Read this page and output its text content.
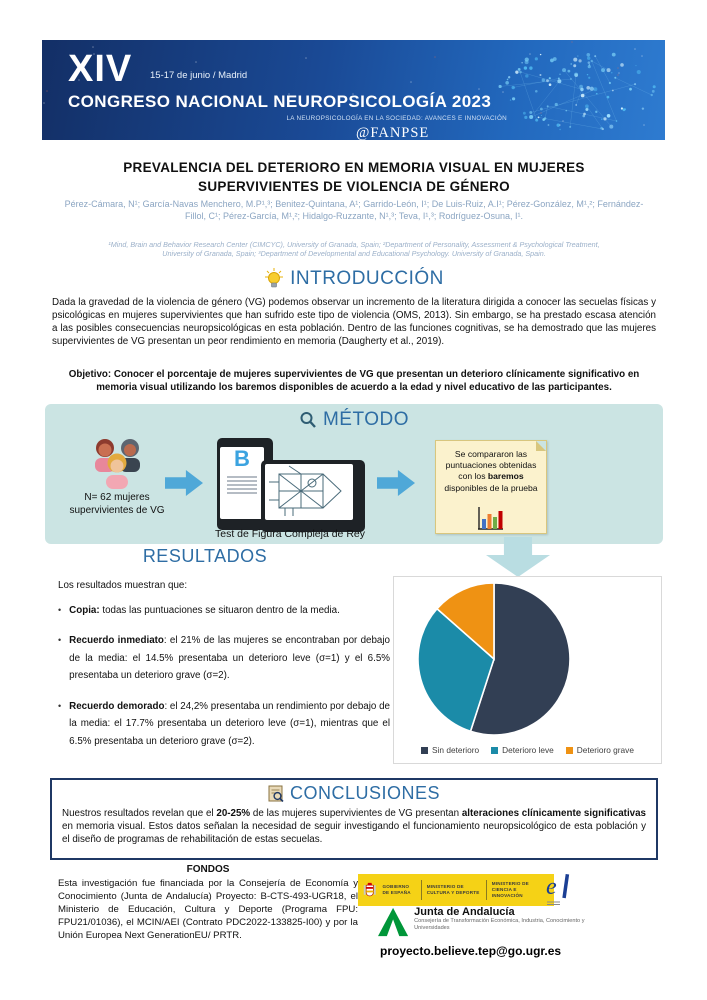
XIV 15-17 de junio / Madrid
CONGRESO NACIONAL NEUROPSICOLOGÍA 2023
LA NEUROPSICOLOGÍA EN LA SOCIEDAD: AVANCES E INNOVACIÓN
@FANPSE
PREVALENCIA DEL DETERIORO EN MEMORIA VISUAL EN MUJERES
SUPERVIVIENTES DE VIOLENCIA DE GÉNERO
Pérez-Cámara, N¹; García-Navas Menchero, M.P¹,³; Benitez-Quintana, A¹; Garrido-León, I¹; De Luis-Ruiz, A.I¹; Pérez-González, M¹,²; Fernández-Fillol, C¹; Pérez-García, M¹,²; Hidalgo-Ruzzante, N¹,³; Teva, I¹,³; Rodríguez-Osuna, I¹.
¹Mind, Brain and Behavior Research Center (CIMCYC), University of Granada, Spain; ²Department of Personality, Assessment & Psychological Treatment, University of Granada, Spain; ³Department of Developmental and Educational Psychology. University of Granada, Spain.
INTRODUCCIÓN
Dada la gravedad de la violencia de género (VG) podemos observar un incremento de la literatura dirigida a conocer las secuelas físicas y psicológicas en mujeres supervivientes que han sufrido este tipo de violencia (OMS, 2013). Sin embargo, se ha prestado escasa atención a las posibles consecuencias neuropsicológicas en esta población. Dentro de las funciones cognitivas, se ha demostrado que las mujeres supervivientes de VG presentan un peor rendimiento en memoria (Daugherty et al., 2019).
Objetivo: Conocer el porcentaje de mujeres supervivientes de VG que presentan un deterioro clínicamente significativo en memoria visual utilizando los baremos disponibles de acuerdo a la edad y nivel educativo de las participantes.
MÉTODO
N= 62 mujeres supervivientes de VG
B
Test de Figura Compleja de Rey
Se compararon las puntuaciones obtenidas con los baremos disponibles de la prueba
RESULTADOS
Los resultados muestran que:
• Copia: todas las puntuaciones se situaron dentro de la media.
• Recuerdo inmediato: el 21% de las mujeres se encontraban por debajo de la media: el 14.5% presentaba un deterioro leve (σ=1) y el 6.5% presentaba un deterioro grave (σ=2).
• Recuerdo demorado: el 24,2% presentaba un rendimiento por debajo de la media: el 17.7% presentaba un deterioro leve (σ=1), mientras que el 6.5% presentaba un deterioro grave (σ=2).
Sin deterioro	Deterioro leve	Deterioro grave
CONCLUSIONES
Nuestros resultados revelan que el 20-25% de las mujeres supervivientes de VG presentan alteraciones clínicamente significativas en memoria visual. Estos datos señalan la necesidad de seguir investigando el funcionamiento neuropsicológico de esta población y el diseño de programas de rehabilitación de estas secuelas.
FONDOS
Esta investigación fue financiada por la Consejería de Economía y Conocimiento (Junta de Andalucía) Proyecto: B-CTS-493-UGR18, el Ministerio de Educación, Cultura y Deporte (Programa FPU: FPU21/01036), el MCIN/AEI (Contrato PDC2022-133825-I00) y por la Unión Europea Next GenerationEU/ PRTR.
GOBIERNO DE ESPAÑA
MINISTERIO DE CULTURA Y DEPORTE
MINISTERIO DE CIENCIA E INNOVACIÓN e
Junta de Andalucía
Consejería de Transformación Económica, Industria, Conocimiento y Universidades
proyecto.believe.tep@go.ugr.es
